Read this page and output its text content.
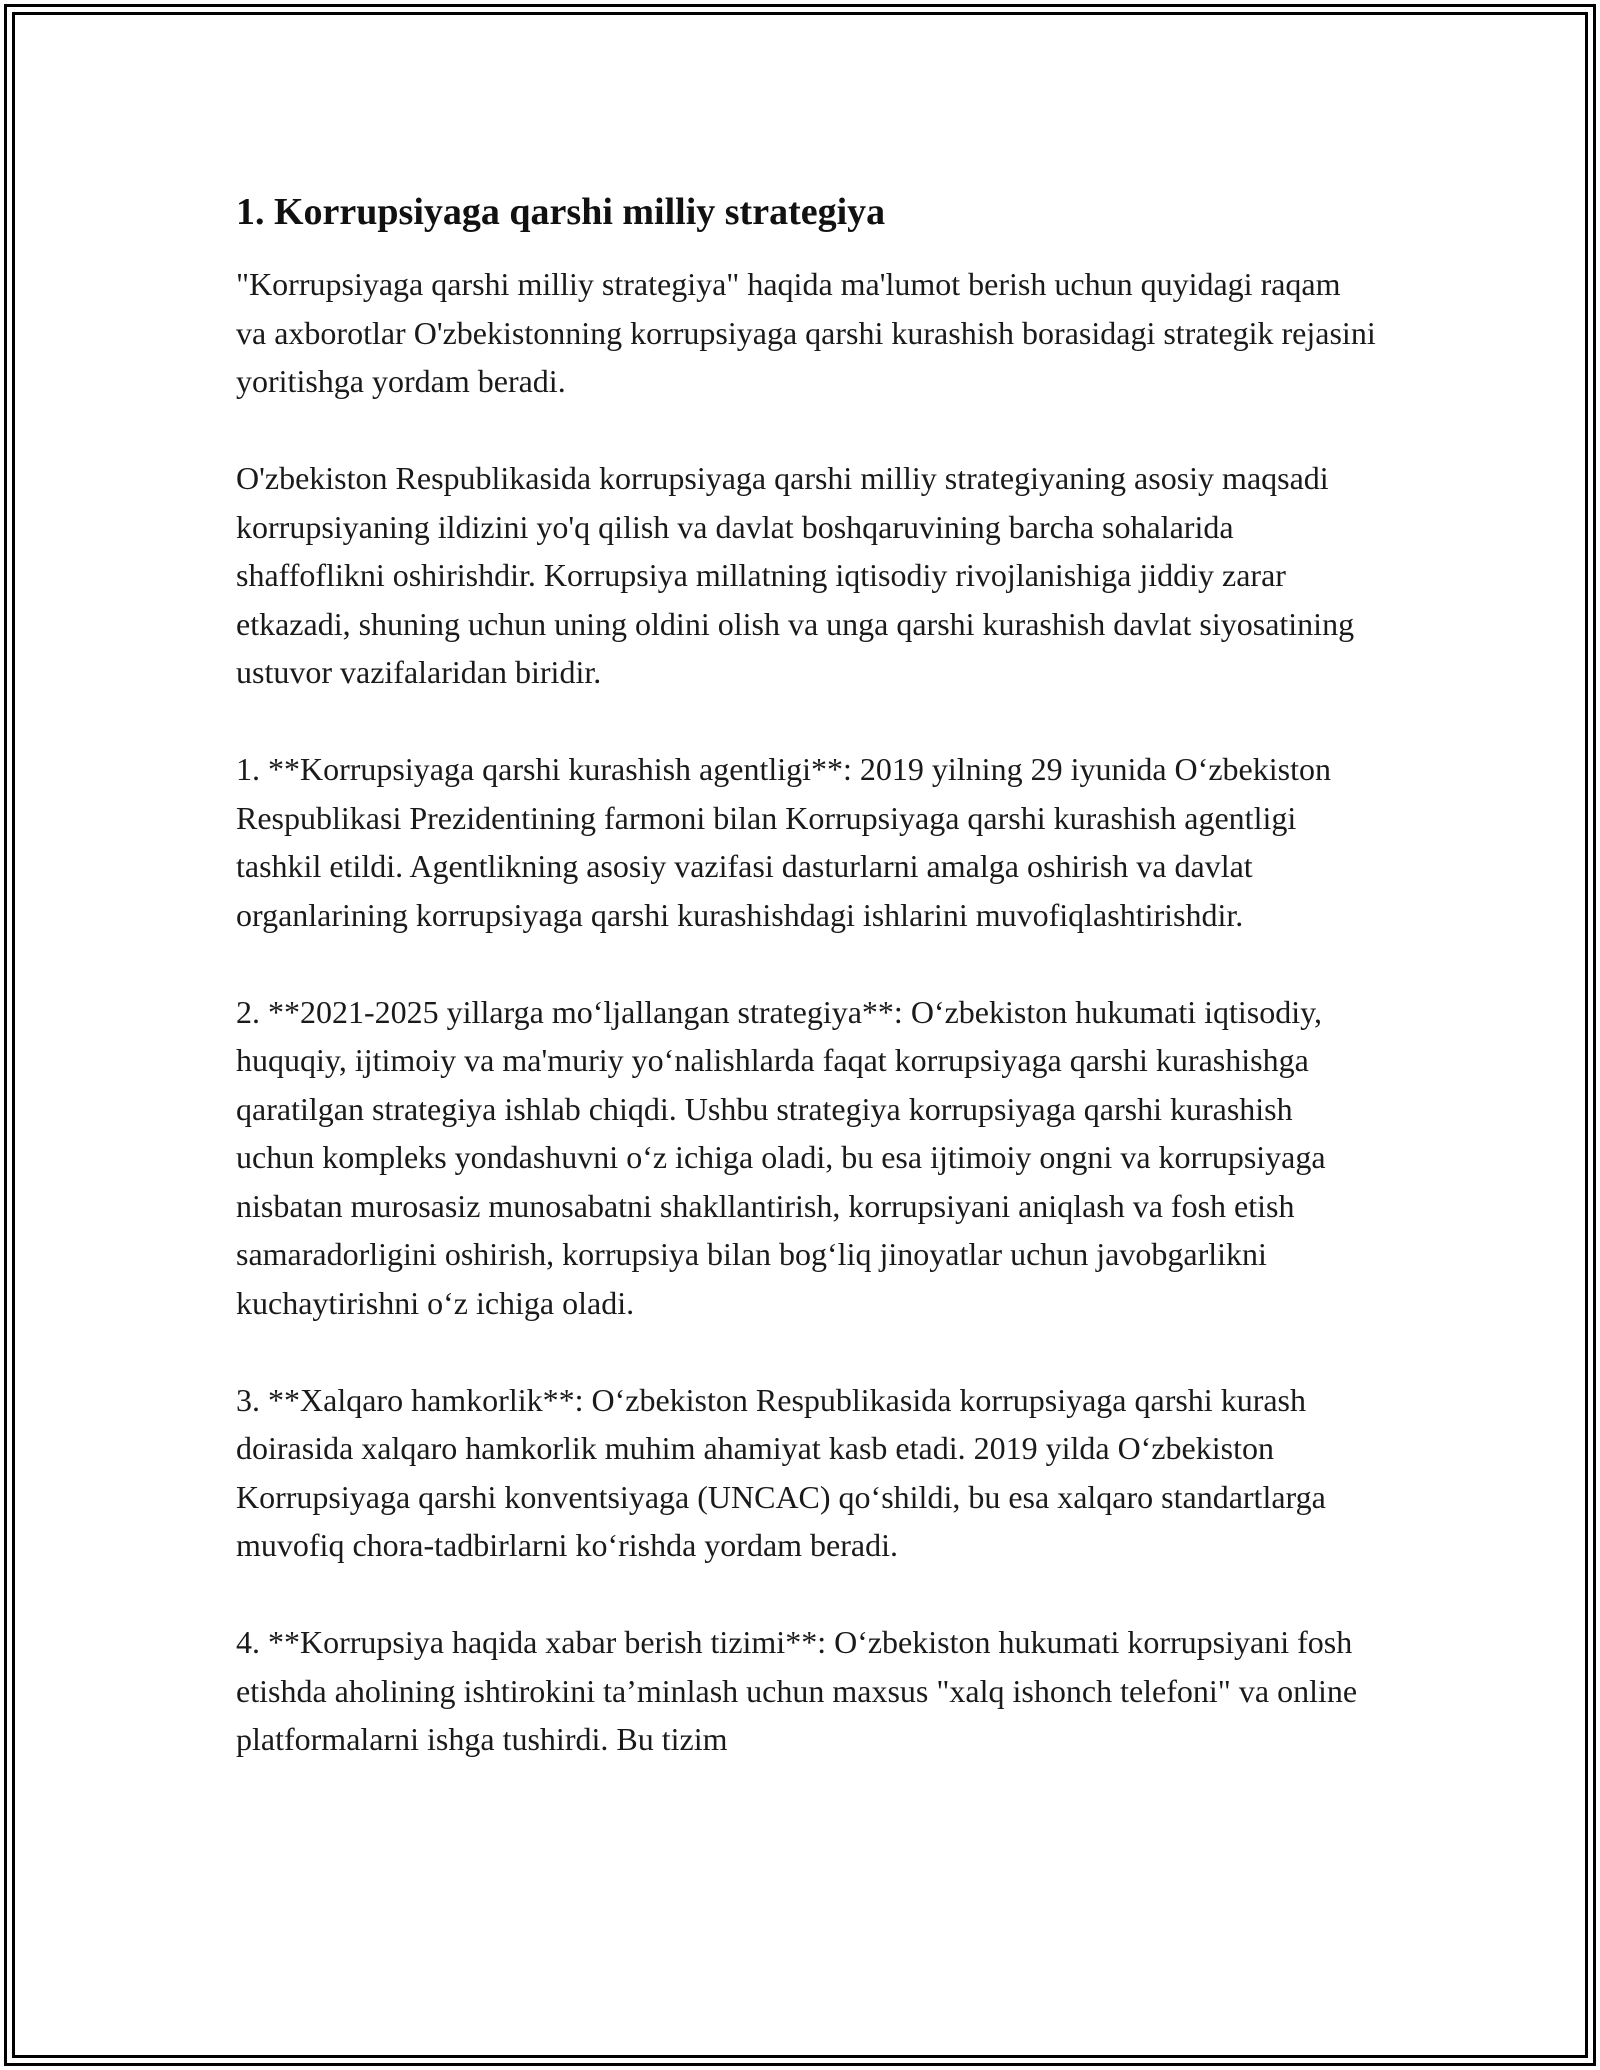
1. Korrupsiyaga qarshi milliy strategiya

"Korrupsiyaga qarshi milliy strategiya" haqida ma'lumot berish uchun quyidagi raqam va axborotlar O'zbekistonning korrupsiyaga qarshi kurashish borasidagi strategik rejasini yoritishga yordam beradi.

O'zbekiston Respublikasida korrupsiyaga qarshi milliy strategiyaning asosiy maqsadi korrupsiyaning ildizini yo'q qilish va davlat boshqaruvining barcha sohalarida shaffoflikni oshirishdir. Korrupsiya millatning iqtisodiy rivojlanishiga jiddiy zarar etkazadi, shuning uchun uning oldini olish va unga qarshi kurashish davlat siyosatining ustuvor vazifalaridan biridir.

1. **Korrupsiyaga qarshi kurashish agentligi**: 2019 yilning 29 iyunida O‘zbekiston Respublikasi Prezidentining farmoni bilan Korrupsiyaga qarshi kurashish agentligi tashkil etildi. Agentlikning asosiy vazifasi dasturlarni amalga oshirish va davlat organlarining korrupsiyaga qarshi kurashishdagi ishlarini muvofiqlashtirishdir.

2. **2021-2025 yillarga mo‘ljallangan strategiya**: O‘zbekiston hukumati iqtisodiy, huquqiy, ijtimoiy va ma'muriy yo‘nalishlarda faqat korrupsiyaga qarshi kurashishga qaratilgan strategiya ishlab chiqdi. Ushbu strategiya korrupsiyaga qarshi kurashish uchun kompleks yondashuvni o‘z ichiga oladi, bu esa ijtimoiy ongni va korrupsiyaga nisbatan murosasiz munosabatni shakllantirish, korrupsiyani aniqlash va fosh etish samaradorligini oshirish, korrupsiya bilan bog‘liq jinoyatlar uchun javobgarlikni kuchaytirishni o‘z ichiga oladi.

3. **Xalqaro hamkorlik**: O‘zbekiston Respublikasida korrupsiyaga qarshi kurash doirasida xalqaro hamkorlik muhim ahamiyat kasb etadi. 2019 yilda O‘zbekiston Korrupsiyaga qarshi konventsiyaga (UNCAC) qo‘shildi, bu esa xalqaro standartlarga muvofiq chora-tadbirlarni ko‘rishda yordam beradi.

4. **Korrupsiya haqida xabar berish tizimi**: O‘zbekiston hukumati korrupsiyani fosh etishda aholining ishtirokini ta’minlash uchun maxsus "xalq ishonch telefoni" va online platformalarni ishga tushirdi. Bu tizim
